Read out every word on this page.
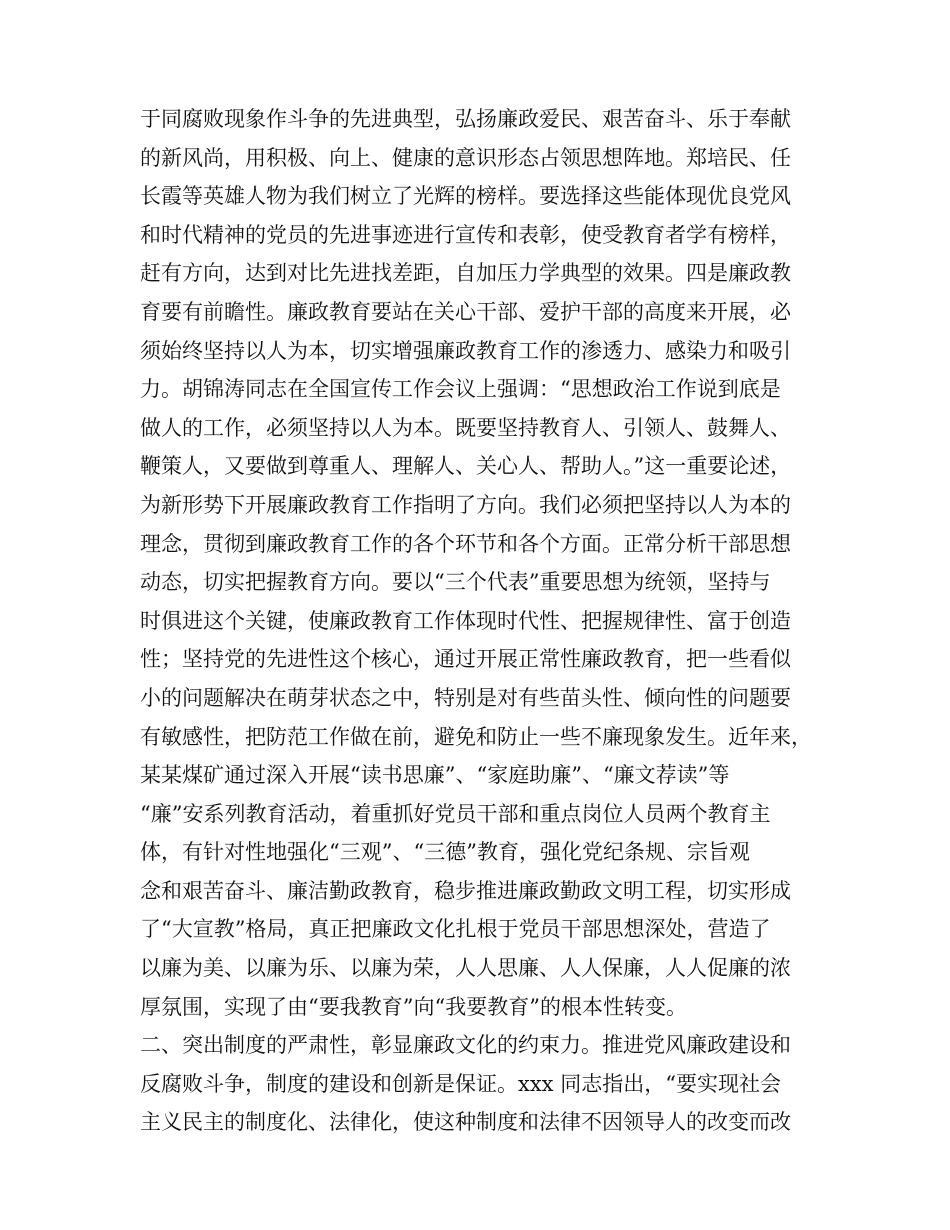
于同腐败现象作斗争的先进典型，弘扬廉政爱民、艰苦奋斗、乐于奉献
的新风尚，用积极、向上、健康的意识形态占领思想阵地。郑培民、任
长霞等英雄人物为我们树立了光辉的榜样。要选择这些能体现优良党风
和时代精神的党员的先进事迹进行宣传和表彰，使受教育者学有榜样，
赶有方向，达到对比先进找差距，自加压力学典型的效果。四是廉政教
育要有前瞻性。廉政教育要站在关心干部、爱护干部的高度来开展，必
须始终坚持以人为本，切实增强廉政教育工作的渗透力、感染力和吸引
力。胡锦涛同志在全国宣传工作会议上强调：“思想政治工作说到底是
做人的工作，必须坚持以人为本。既要坚持教育人、引领人、鼓舞人、
鞭策人，又要做到尊重人、理解人、关心人、帮助人。”这一重要论述，
为新形势下开展廉政教育工作指明了方向。我们必须把坚持以人为本的
理念，贯彻到廉政教育工作的各个环节和各个方面。正常分析干部思想
动态，切实把握教育方向。要以“三个代表”重要思想为统领，坚持与
时俱进这个关键，使廉政教育工作体现时代性、把握规律性、富于创造
性；坚持党的先进性这个核心，通过开展正常性廉政教育，把一些看似
小的问题解决在萌芽状态之中，特别是对有些苗头性、倾向性的问题要
有敏感性，把防范工作做在前，避免和防止一些不廉现象发生。近年来，
某某煤矿通过深入开展“读书思廉”、“家庭助廉”、“廉文荐读”等
“廉”安系列教育活动，着重抓好党员干部和重点岗位人员两个教育主
体，有针对性地强化“三观”、“三德”教育，强化党纪条规、宗旨观
念和艰苦奋斗、廉洁勤政教育，稳步推进廉政勤政文明工程，切实形成
了“大宣教”格局，真正把廉政文化扎根于党员干部思想深处，营造了
以廉为美、以廉为乐、以廉为荣，人人思廉、人人保廉，人人促廉的浓
厚氛围，实现了由“要我教育”向“我要教育”的根本性转变。
二、突出制度的严肃性，彰显廉政文化的约束力。推进党风廉政建设和
反腐败斗争，制度的建设和创新是保证。xxx 同志指出，“要实现社会
主义民主的制度化、法律化，使这种制度和法律不因领导人的改变而改
